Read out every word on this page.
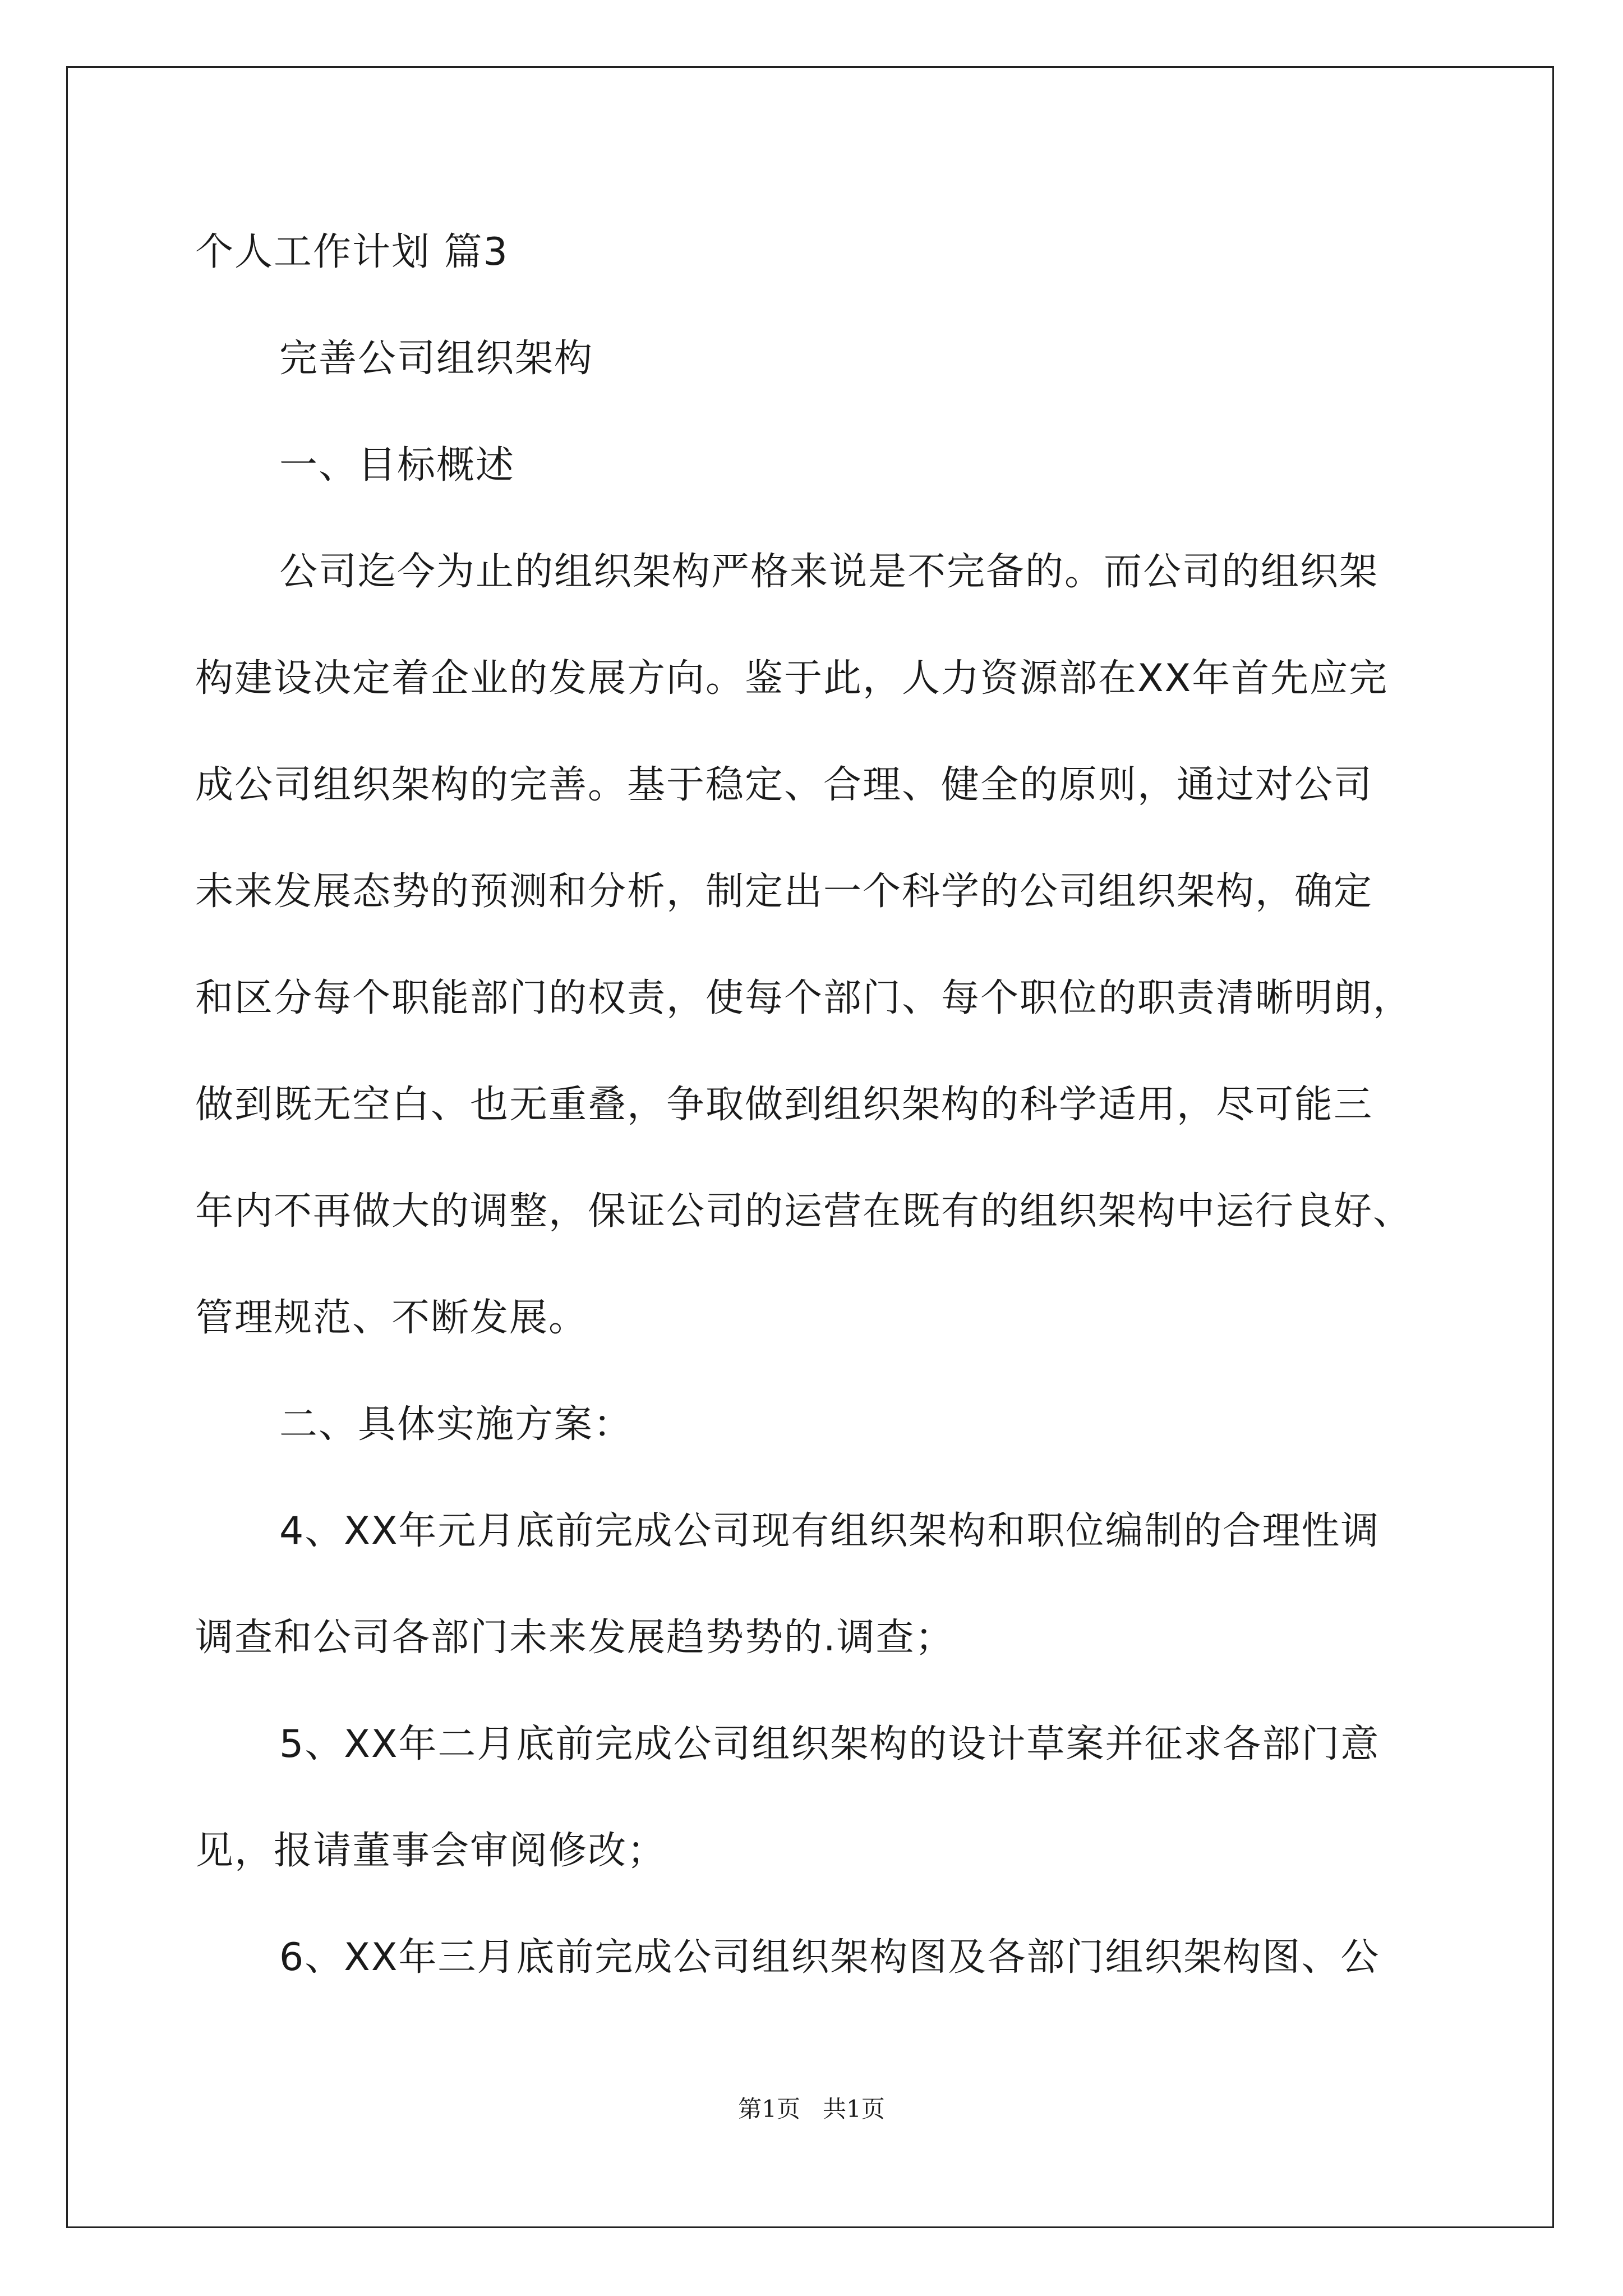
个人工作计划 篇3
完善公司组织架构
一、目标概述
公司迄今为止的组织架构严格来说是不完备的。而公司的组织架
构建设决定着企业的发展方向。鉴于此，人力资源部在XX年首先应完
成公司组织架构的完善。基于稳定、合理、健全的原则，通过对公司
未来发展态势的预测和分析，制定出一个科学的公司组织架构，确定
和区分每个职能部门的权责，使每个部门、每个职位的职责清晰明朗，
做到既无空白、也无重叠，争取做到组织架构的科学适用，尽可能三
年内不再做大的调整，保证公司的运营在既有的组织架构中运行良好、
管理规范、不断发展。
二、具体实施方案：
4、XX年元月底前完成公司现有组织架构和职位编制的合理性调
调查和公司各部门未来发展趋势势的.调查；
5、XX年二月底前完成公司组织架构的设计草案并征求各部门意
见，报请董事会审阅修改；
6、XX年三月底前完成公司组织架构图及各部门组织架构图、公
第1页 共1页
